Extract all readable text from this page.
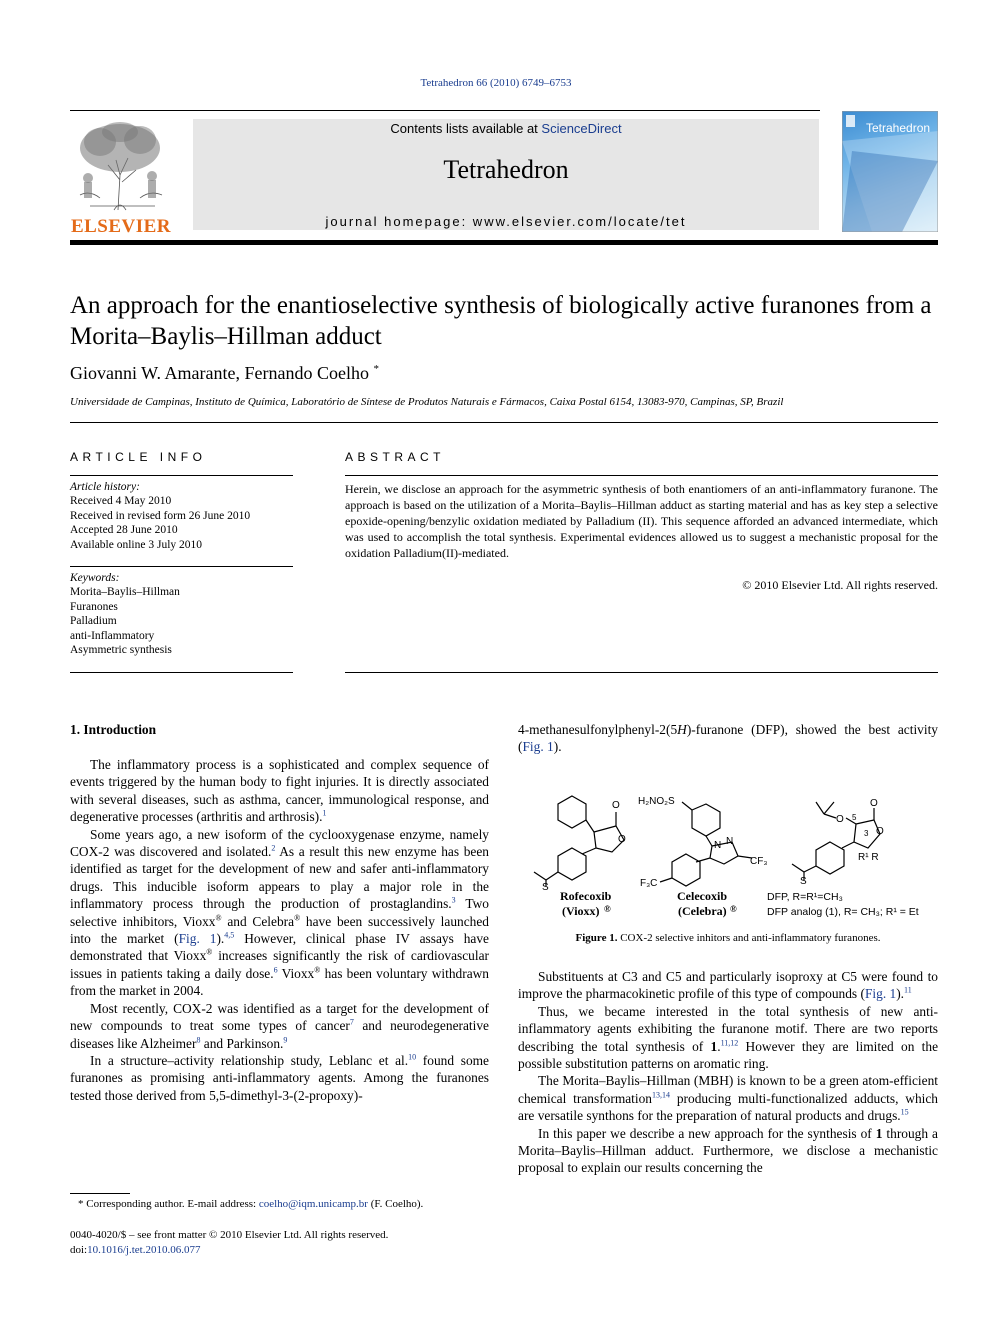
Tetrahedron 66 (2010) 6749–6753
ELSEVIER
Contents lists available at ScienceDirect
Tetrahedron
journal homepage: www.elsevier.com/locate/tet
Tetrahedron
An approach for the enantioselective synthesis of biologically active furanones from a Morita–Baylis–Hillman adduct
Giovanni W. Amarante, Fernando Coelho *
Universidade de Campinas, Instituto de Química, Laboratório de Síntese de Produtos Naturais e Fármacos, Caixa Postal 6154, 13083-970, Campinas, SP, Brazil
ARTICLE INFO
Article history:
Received 4 May 2010
Received in revised form 26 June 2010
Accepted 28 June 2010
Available online 3 July 2010
Keywords:
Morita–Baylis–Hillman
Furanones
Palladium
anti-Inflammatory
Asymmetric synthesis
ABSTRACT
Herein, we disclose an approach for the asymmetric synthesis of both enantiomers of an anti-inflammatory furanone. The approach is based on the utilization of a Morita–Baylis–Hillman adduct as starting material and has as key step a selective epoxide-opening/benzylic oxidation mediated by Palladium (II). This sequence afforded an advanced intermediate, which was used to accomplish the total synthesis. Experimental evidences allowed us to suggest a mechanistic proposal for the oxidation Palladium(II)-mediated.
© 2010 Elsevier Ltd. All rights reserved.
1. Introduction

The inflammatory process is a sophisticated and complex sequence of events triggered by the human body to fight injuries. It is directly associated with several diseases, such as asthma, cancer, immunological response, and degenerative processes (arthritis and arthrosis).$^1$

Some years ago, a new isoform of the cyclooxygenase enzyme, namely COX-2 was discovered and isolated.$^2$ As a result this new enzyme has been identified as target for the development of new and safer anti-inflammatory drugs. This inducible isoform appears to play a major role in the inflammatory process through the production of prostaglandins.$^3$ Two selective inhibitors, Vioxx® and Celebra® have been successively launched into the market (Fig. 1).$^{4,5}$ However, clinical phase IV assays have demonstrated that Vioxx® increases significantly the risk of cardiovascular issues in patients taking a daily dose.$^6$ Vioxx® has been voluntary withdrawn from the market in 2004.

Most recently, COX-2 was identified as a target for the development of new compounds to treat some types of cancer$^7$ and neurodegenerative diseases like Alzheimer$^8$ and Parkinson.$^9$

In a structure–activity relationship study, Leblanc et al.$^{10}$ found some furanones as promising anti-inflammatory agents. Among the furanones tested those derived from 5,5-dimethyl-3-(2-propoxy)-

* Corresponding author. E-mail address: coelho@iqm.unicamp.br (F. Coelho).
0040-4020/$ – see front matter © 2010 Elsevier Ltd. All rights reserved.
doi:10.1016/j.tet.2010.06.077

4-methanesulfonylphenyl-2(5H)-furanone (DFP), showed the best activity (Fig. 1).

O
O
S
H₂NO₂S
N N
CF₃
F₃C
O
O
O
5
3
R¹ R
S
Rofecoxib
(Vioxx) ®
Celecoxib
(Celebra) ®
DFP, R=R¹=CH₃
DFP analog (1), R= CH₃; R¹ = Et
Figure 1. COX-2 selective inhitors and anti-inflammatory furanones.

Substituents at C3 and C5 and particularly isoproxy at C5 were found to improve the pharmacokinetic profile of this type of compounds (Fig. 1).$^{11}$

Thus, we became interested in the total synthesis of new anti-inflammatory agents exhibiting the furanone motif. There are two reports describing the total synthesis of 1.$^{11,12}$ However they are limited on the possible substitution patterns on aromatic ring.

The Morita–Baylis–Hillman (MBH) is known to be a green atom-efficient chemical transformation$^{13,14}$ producing multi-functionalized adducts, which are versatile synthons for the preparation of natural products and drugs.$^{15}$

In this paper we describe a new approach for the synthesis of 1 through a Morita–Baylis–Hillman adduct. Furthermore, we disclose a mechanistic proposal to explain our results concerning the
